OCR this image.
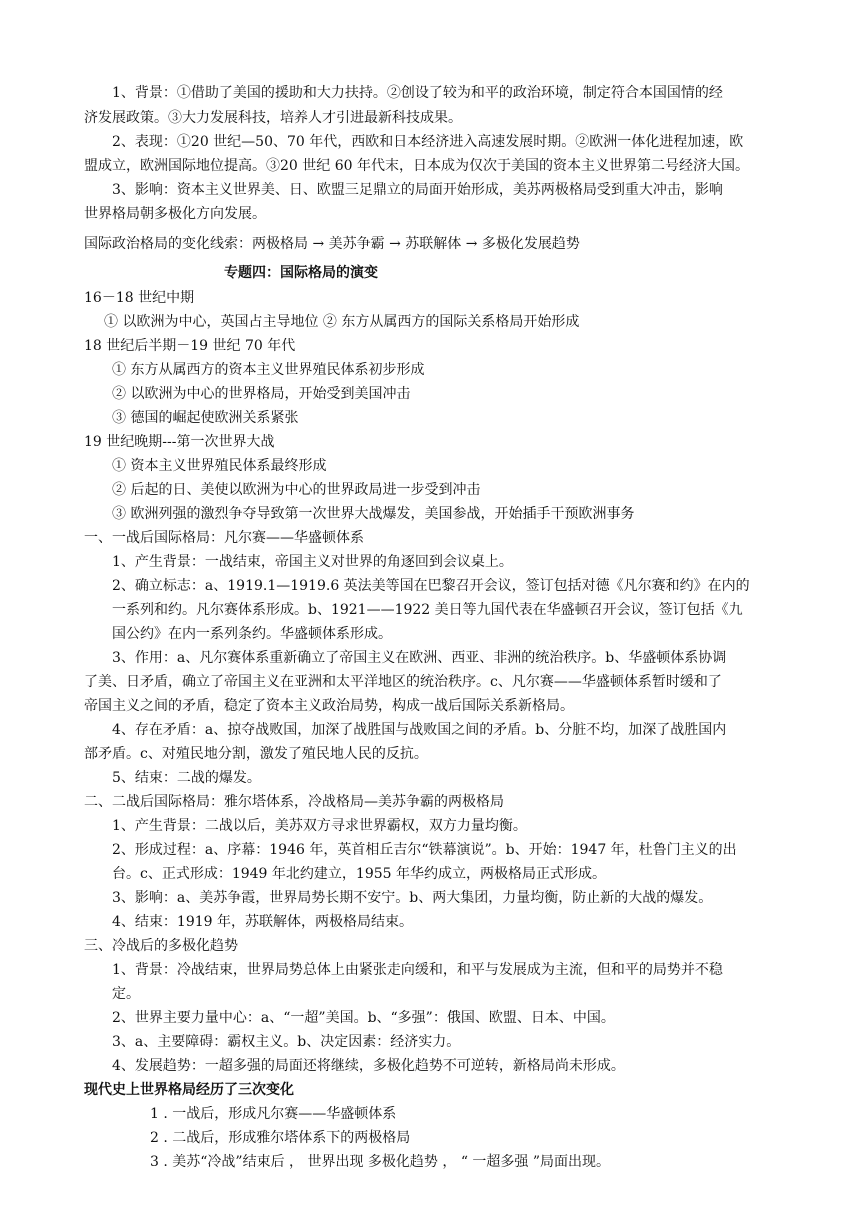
1、背景：①借助了美国的援助和大力扶持。②创设了较为和平的政治环境，制定符合本国国情的经
济发展政策。③大力发展科技，培养人才引进最新科技成果。
2、表现：①20 世纪—50、70 年代，西欧和日本经济进入高速发展时期。②欧洲一体化进程加速，欧
盟成立，欧洲国际地位提高。③20 世纪 60 年代末，日本成为仅次于美国的资本主义世界第二号经济大国。
3、影响：资本主义世界美、日、欧盟三足鼎立的局面开始形成，美苏两极格局受到重大冲击，影响
世界格局朝多极化方向发展。
国际政治格局的变化线索：两极格局 → 美苏争霸 → 苏联解体 → 多极化发展趋势
专题四：国际格局的演变
16－18 世纪中期
① 以欧洲为中心，英国占主导地位 ② 东方从属西方的国际关系格局开始形成
18 世纪后半期－19 世纪 70 年代
① 东方从属西方的资本主义世界殖民体系初步形成
② 以欧洲为中心的世界格局，开始受到美国冲击
③ 德国的崛起使欧洲关系紧张
19 世纪晚期---第一次世界大战
① 资本主义世界殖民体系最终形成
② 后起的日、美使以欧洲为中心的世界政局进一步受到冲击
③ 欧洲列强的激烈争夺导致第一次世界大战爆发，美国参战，开始插手干预欧洲事务
一、一战后国际格局：凡尔赛——华盛顿体系
1、产生背景：一战结束，帝国主义对世界的角逐回到会议桌上。
2、确立标志：a、1919.1—1919.6 英法美等国在巴黎召开会议，签订包括对德《凡尔赛和约》在内的
一系列和约。凡尔赛体系形成。b、1921——1922 美日等九国代表在华盛顿召开会议，签订包括《九
国公约》在内一系列条约。华盛顿体系形成。
3、作用：a、凡尔赛体系重新确立了帝国主义在欧洲、西亚、非洲的统治秩序。b、华盛顿体系协调
了美、日矛盾，确立了帝国主义在亚洲和太平洋地区的统治秩序。c、凡尔赛——华盛顿体系暂时缓和了
帝国主义之间的矛盾，稳定了资本主义政治局势，构成一战后国际关系新格局。
4、存在矛盾：a、掠夺战败国，加深了战胜国与战败国之间的矛盾。b、分脏不均，加深了战胜国内
部矛盾。c、对殖民地分割，激发了殖民地人民的反抗。
5、结束：二战的爆发。
二、二战后国际格局：雅尔塔体系，冷战格局—美苏争霸的两极格局
1、产生背景：二战以后，美苏双方寻求世界霸权，双方力量均衡。
2、形成过程：a、序幕：1946 年，英首相丘吉尔“铁幕演说”。b、开始：1947 年，杜鲁门主义的出
台。c、正式形成：1949 年北约建立，1955 年华约成立，两极格局正式形成。
3、影响：a、美苏争霞，世界局势长期不安宁。b、两大集团，力量均衡，防止新的大战的爆发。
4、结束：1919 年，苏联解体，两极格局结束。
三、冷战后的多极化趋势
1、背景：冷战结束，世界局势总体上由紧张走向缓和，和平与发展成为主流，但和平的局势并不稳
定。
2、世界主要力量中心：a、“一超”美国。b、“多强”：俄国、欧盟、日本、中国。
3、a、主要障碍：霸权主义。b、决定因素：经济实力。
4、发展趋势：一超多强的局面还将继续，多极化趋势不可逆转，新格局尚未形成。
现代史上世界格局经历了三次变化
1 . 一战后，形成凡尔赛——华盛顿体系
2 . 二战后，形成雅尔塔体系下的两极格局
3 . 美苏“冷战”结束后 ， 世界出现 多极化趋势 ， “ 一超多强 ”局面出现。
